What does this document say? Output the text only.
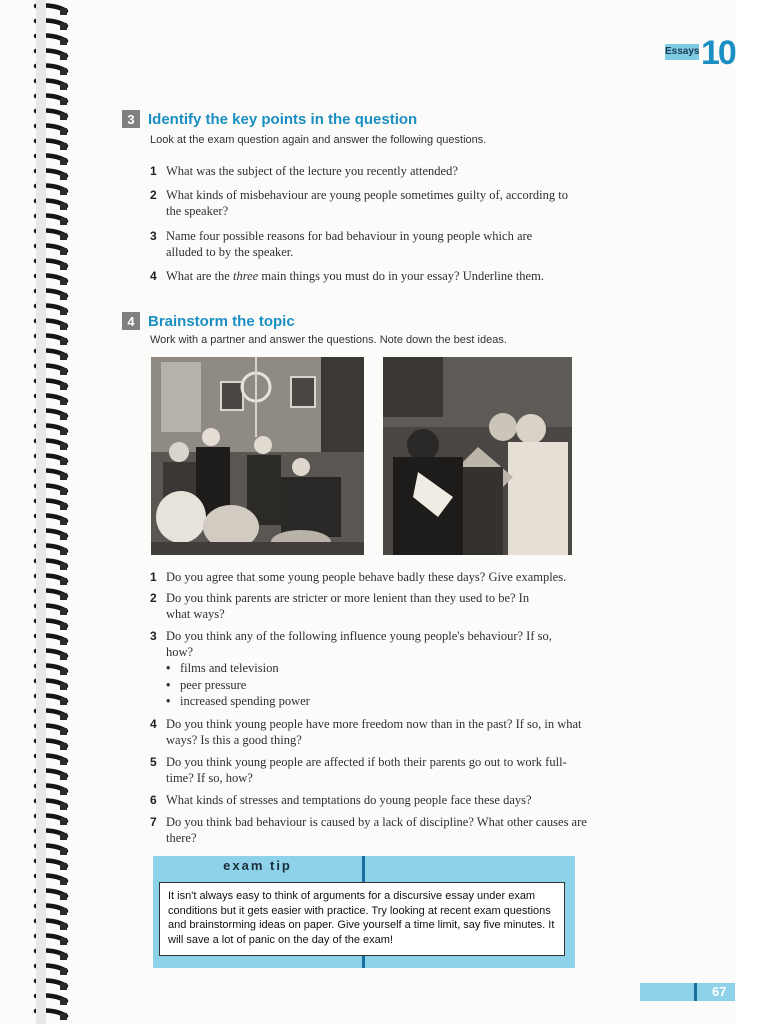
Essays 10
3 Identify the key points in the question
Look at the exam question again and answer the following questions.
1 What was the subject of the lecture you recently attended?
2 What kinds of misbehaviour are young people sometimes guilty of, according to the speaker?
3 Name four possible reasons for bad behaviour in young people which are alluded to by the speaker.
4 What are the three main things you must do in your essay? Underline them.
4 Brainstorm the topic
Work with a partner and answer the questions. Note down the best ideas.
1 Do you agree that some young people behave badly these days? Give examples.
2 Do you think parents are stricter or more lenient than they used to be? In what ways?
3 Do you think any of the following influence young people's behaviour? If so, how?
• films and television
• peer pressure
• increased spending power
4 Do you think young people have more freedom now than in the past? If so, in what ways? Is this a good thing?
5 Do you think young people are affected if both their parents go out to work full-time? If so, how?
6 What kinds of stresses and temptations do young people face these days?
7 Do you think bad behaviour is caused by a lack of discipline? What other causes are there?
exam tip
It isn't always easy to think of arguments for a discursive essay under exam conditions but it gets easier with practice. Try looking at recent exam questions and brainstorming ideas on paper. Give yourself a time limit, say five minutes. It will save a lot of panic on the day of the exam!
67
